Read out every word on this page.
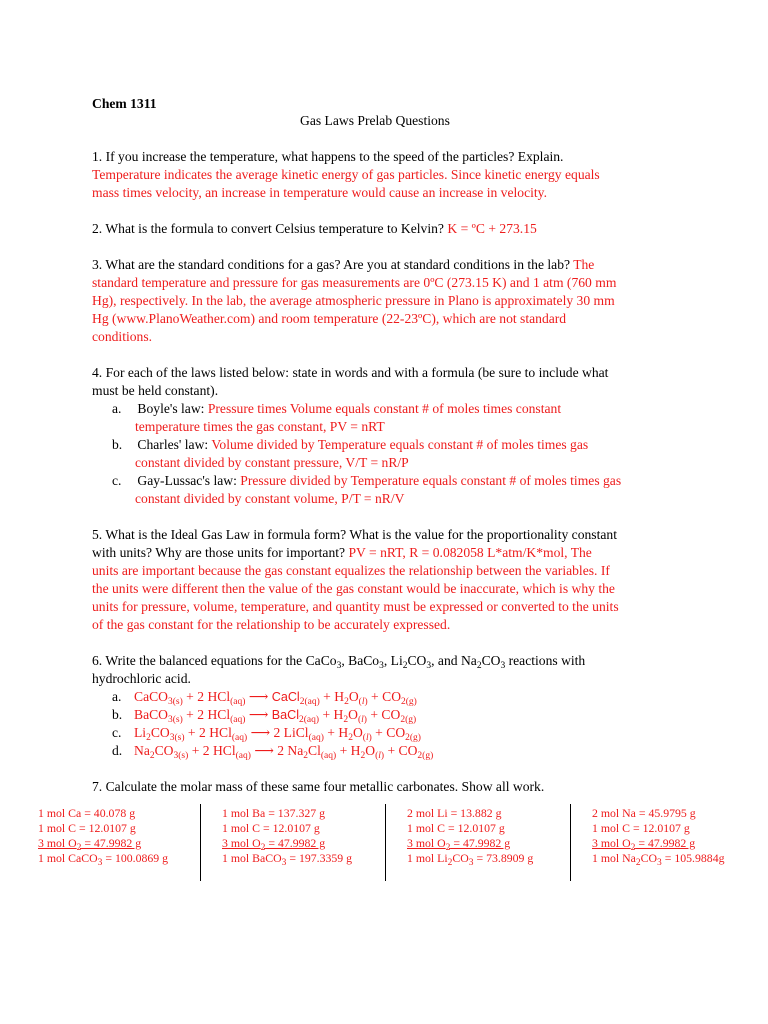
Chem 1311
Gas Laws Prelab Questions
1. If you increase the temperature, what happens to the speed of the particles? Explain.
Temperature indicates the average kinetic energy of gas particles. Since kinetic energy equals
mass times velocity, an increase in temperature would cause an increase in velocity.
2. What is the formula to convert Celsius temperature to Kelvin? K = ºC + 273.15
3. What are the standard conditions for a gas? Are you at standard conditions in the lab? The
standard temperature and pressure for gas measurements are 0ºC (273.15 K) and 1 atm (760 mm
Hg), respectively. In the lab, the average atmospheric pressure in Plano is approximately 30 mm
Hg (www.PlanoWeather.com) and room temperature (22-23ºC), which are not standard
conditions.
4. For each of the laws listed below: state in words and with a formula (be sure to include what
must be held constant).
a. Boyle's law: Pressure times Volume equals constant # of moles times constant
temperature times the gas constant, PV = nRT
b. Charles' law: Volume divided by Temperature equals constant # of moles times gas
constant divided by constant pressure, V/T = nR/P
c. Gay-Lussac's law: Pressure divided by Temperature equals constant # of moles times gas
constant divided by constant volume, P/T = nR/V
5. What is the Ideal Gas Law in formula form? What is the value for the proportionality constant
with units? Why are those units for important? PV = nRT, R = 0.082058 L*atm/K*mol, The
units are important because the gas constant equalizes the relationship between the variables. If
the units were different then the value of the gas constant would be inaccurate, which is why the
units for pressure, volume, temperature, and quantity must be expressed or converted to the units
of the gas constant for the relationship to be accurately expressed.
6. Write the balanced equations for the CaCo$_3$, BaCo$_3$, $Li_2CO_3$, and $Na_2CO_3$ reactions with
hydrochloric acid.
a. CaCO$_{3(s)}$ + 2 HCl$_{(aq)}$ ⟶ CaCl$_{2(aq)}$ + $H_2O_{(l)} + CO_{2(g)}$
b. BaCO$_{3(s)}$ + 2 HCl$_{(aq)}$ ⟶ BaCl$_{2(aq)}$ + $H_2O_{(l)} + CO_{2(g)}$
c. $Li_2CO_{3(s)} + 2$ HCl$_{(aq)}$ ⟶ 2 LiCl$_{(aq)}$ + $H_2O_{(l)} + CO_{2(g)}$
d. $Na_2CO_{3(s)} + 2$ HCl$_{(aq)}$ ⟶ 2 $Na_2Cl_{(aq)} + H_2O_{(l)} + CO_{2(g)}$
7. Calculate the molar mass of these same four metallic carbonates. Show all work.
1 mol Ca = 40.078 g
1 mol C = 12.0107 g
3 mol $O_2 = 47.9982$ g
1 mol CaCO$_3$ = 100.0869 g
1 mol Ba = 137.327 g
1 mol C = 12.0107 g
3 mol $O_2 = 47.9982$ g
1 mol BaCO$_3$ = 197.3359 g
2 mol Li = 13.882 g
1 mol C = 12.0107 g
3 mol $O_2 = 47.9982$ g
1 mol $Li_2CO_3 = 73.8909$ g
2 mol Na = 45.9795 g
1 mol C = 12.0107 g
3 mol $O_2 = 47.9982$ g
1 mol $Na_2CO_3 = 105.9884g$
